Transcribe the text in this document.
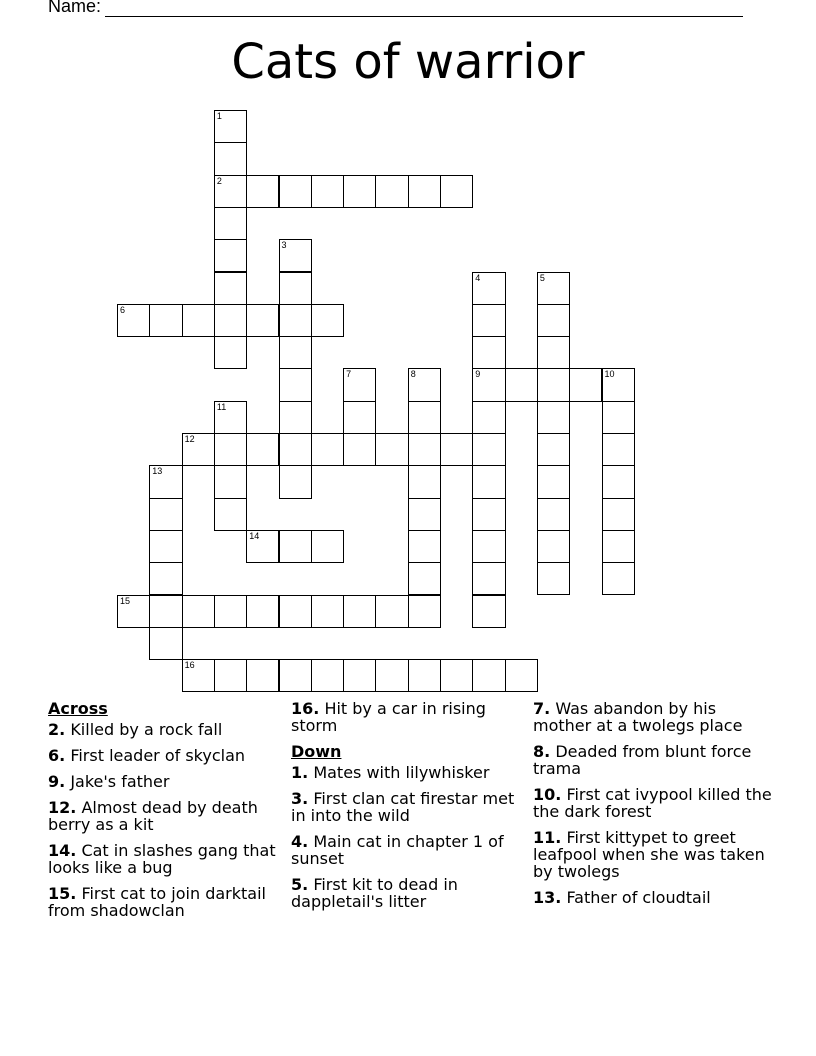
Name:
Cats of warrior
2
6
9	10
12
14
15
16
1
3
4	5
7	8
11
13
Across
2. Killed by a rock fall
6. First leader of skyclan
9. Jake's father
12. Almost dead by death berry as a kit
14. Cat in slashes gang that looks like a bug
15. First cat to join darktail from shadowclan
16. Hit by a car in rising storm
Down
1. Mates with lilywhisker
3. First clan cat firestar met in into the wild
4. Main cat in chapter 1 of sunset
5. First kit to dead in dappletail's litter
7. Was abandon by his mother at a twolegs place
8. Deaded from blunt force trama
10. First cat ivypool killed the the dark forest
11. First kittypet to greet leafpool when she was taken by twolegs
13. Father of cloudtail
